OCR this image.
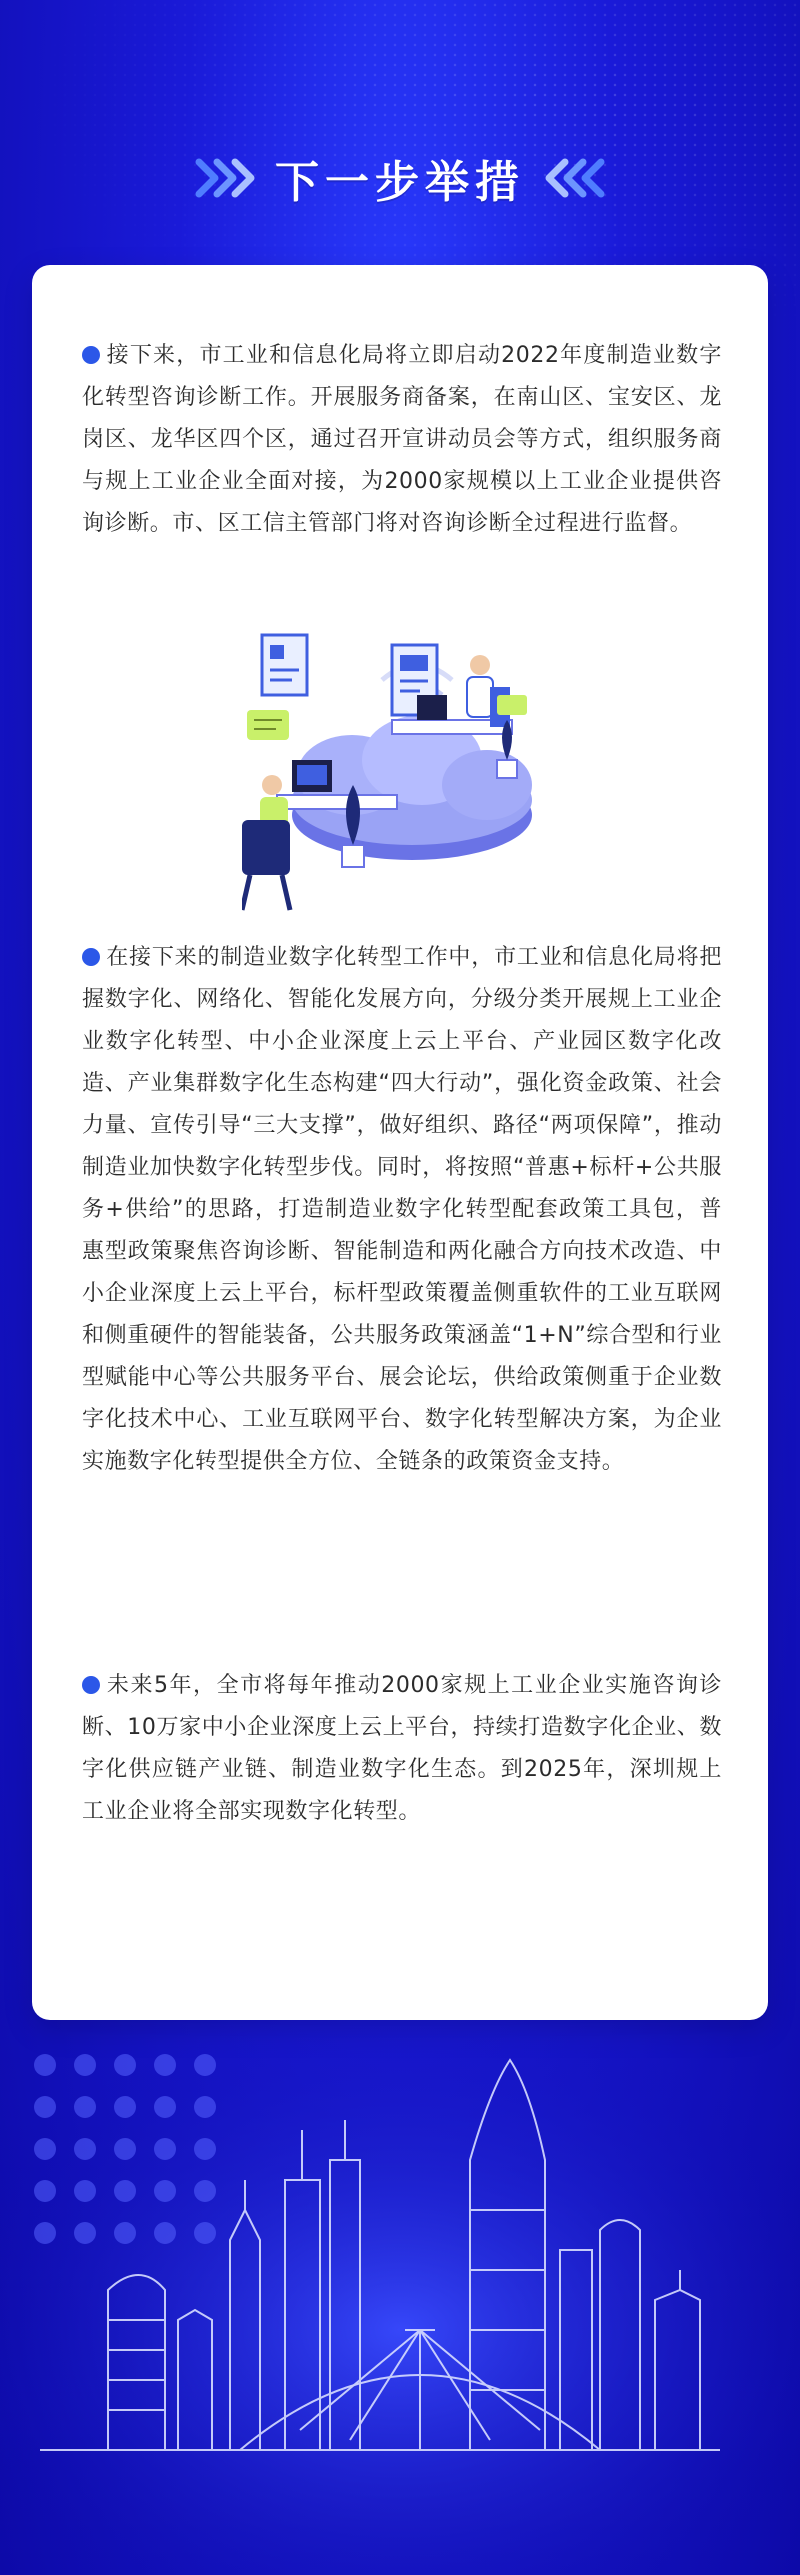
下一步举措

接下来，市工业和信息化局将立即启动2022年度制造业数字化转型咨询诊断工作。开展服务商备案，在南山区、宝安区、龙岗区、龙华区四个区，通过召开宣讲动员会等方式，组织服务商与规上工业企业全面对接，为2000家规模以上工业企业提供咨询诊断。市、区工信主管部门将对咨询诊断全过程进行监督。

在接下来的制造业数字化转型工作中，市工业和信息化局将把握数字化、网络化、智能化发展方向，分级分类开展规上工业企业数字化转型、中小企业深度上云上平台、产业园区数字化改造、产业集群数字化生态构建“四大行动”，强化资金政策、社会力量、宣传引导“三大支撑”，做好组织、路径“两项保障”，推动制造业加快数字化转型步伐。同时，将按照“普惠+标杆+公共服务+供给”的思路，打造制造业数字化转型配套政策工具包，普惠型政策聚焦咨询诊断、智能制造和两化融合方向技术改造、中小企业深度上云上平台，标杆型政策覆盖侧重软件的工业互联网和侧重硬件的智能装备，公共服务政策涵盖“1+N”综合型和行业型赋能中心等公共服务平台、展会论坛，供给政策侧重于企业数字化技术中心、工业互联网平台、数字化转型解决方案，为企业实施数字化转型提供全方位、全链条的政策资金支持。

未来5年，全市将每年推动2000家规上工业企业实施咨询诊断、10万家中小企业深度上云上平台，持续打造数字化企业、数字化供应链产业链、制造业数字化生态。到2025年，深圳规上工业企业将全部实现数字化转型。
